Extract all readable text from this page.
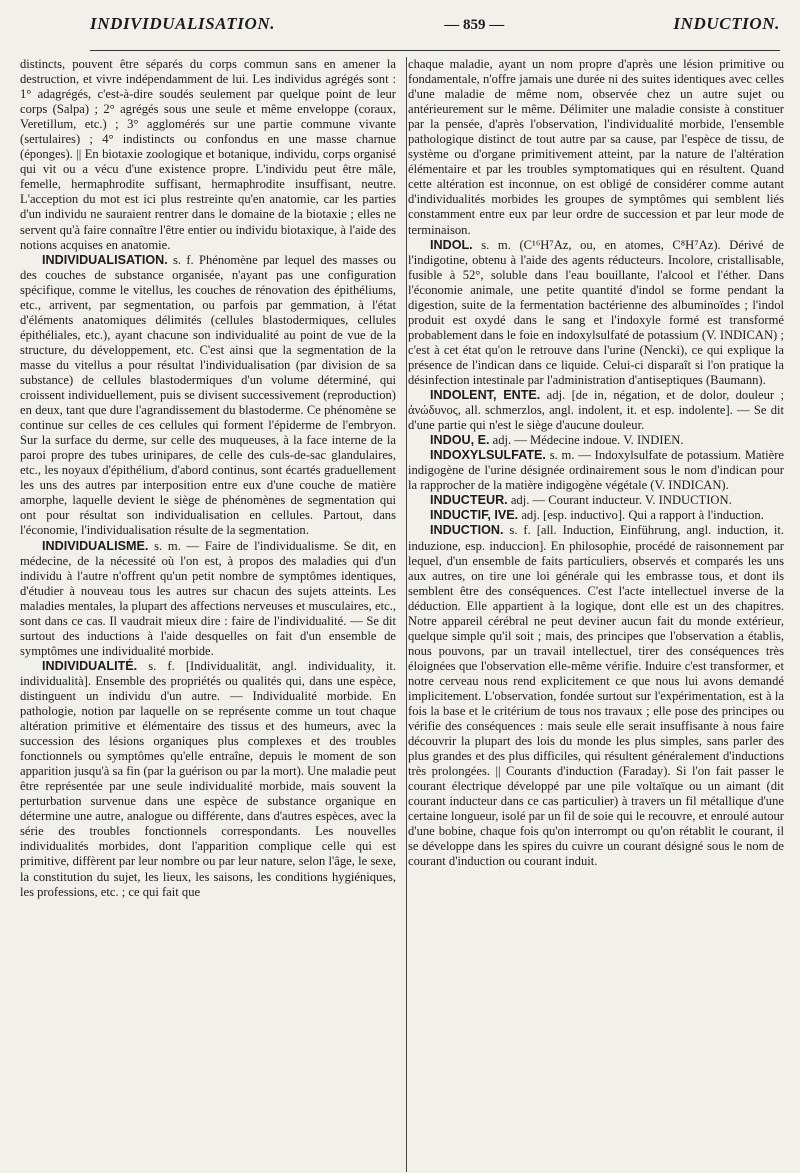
INDIVIDUALISATION.	— 859 —	INDUCTION.

distincts, pouvent être séparés du corps commun sans en amener la destruction, et vivre indépendamment de lui. Les individus agrégés sont : 1° adagrégés, c'est-à-dire soudés seulement par quelque point de leur corps (Salpa) ; 2° agrégés sous une seule et même enveloppe (coraux, Veretillum, etc.) ; 3° agglomérés sur une partie commune vivante (sertulaires) ; 4° indistincts ou confondus en une masse charnue (éponges). || En biotaxie zoologique et botanique, individu, corps organisé qui vit ou a vécu d'une existence propre. L'individu peut être mâle, femelle, hermaphrodite suffisant, hermaphrodite insuffisant, neutre. L'acception du mot est ici plus restreinte qu'en anatomie, car les parties d'un individu ne sauraient rentrer dans le domaine de la biotaxie ; elles ne servent qu'à faire connaître l'être entier ou individu biotaxique, à l'aide des notions acquises en anatomie.

INDIVIDUALISATION. s. f. Phénomène par lequel des masses ou des couches de substance organisée, n'ayant pas une configuration spécifique, comme le vitellus, les couches de rénovation des épithéliums, etc., arrivent, par segmentation, ou parfois par gemmation, à l'état d'éléments anatomiques délimités (cellules blastodermiques, cellules épithéliales, etc.), ayant chacune son individualité au point de vue de la structure, du développement, etc. C'est ainsi que la segmentation de la masse du vitellus a pour résultat l'individualisation (par division de sa substance) de cellules blastodermiques d'un volume déterminé, qui croissent individuellement, puis se divisent successivement (reproduction) en deux, tant que dure l'agrandissement du blastoderme. Ce phénomène se continue sur celles de ces cellules qui forment l'épiderme de l'embryon. Sur la surface du derme, sur celle des muqueuses, à la face interne de la paroi propre des tubes urinipares, de celle des culs-de-sac glandulaires, etc., les noyaux d'épithélium, d'abord continus, sont écartés graduellement les uns des autres par interposition entre eux d'une couche de matière amorphe, laquelle devient le siège de phénomènes de segmentation qui ont pour résultat son individualisation en cellules. Partout, dans l'économie, l'individualisation résulte de la segmentation.

INDIVIDUALISME. s. m. — Faire de l'individualisme. Se dit, en médecine, de la nécessité où l'on est, à propos des maladies qui d'un individu à l'autre n'offrent qu'un petit nombre de symptômes identiques, d'étudier à nouveau tous les autres sur chacun des sujets atteints. Les maladies mentales, la plupart des affections nerveuses et musculaires, etc., sont dans ce cas. Il vaudrait mieux dire : faire de l'individualité. — Se dit surtout des inductions à l'aide desquelles on fait d'un ensemble de symptômes une individualité morbide.

INDIVIDUALITÉ. s. f. [Individualität, angl. individuality, it. individualità]. Ensemble des propriétés ou qualités qui, dans une espèce, distinguent un individu d'un autre. — Individualité morbide. En pathologie, notion par laquelle on se représente comme un tout chaque altération primitive et élémentaire des tissus et des humeurs, avec la succession des lésions organiques plus complexes et des troubles fonctionnels ou symptômes qu'elle entraîne, depuis le moment de son apparition jusqu'à sa fin (par la guérison ou par la mort). Une maladie peut être représentée par une seule individualité morbide, mais souvent la perturbation survenue dans une espèce de substance organique en détermine une autre, analogue ou différente, dans d'autres espèces, avec la série des troubles fonctionnels correspondants. Les nouvelles individualités morbides, dont l'apparition complique celle qui est primitive, diffèrent par leur nombre ou par leur nature, selon l'âge, le sexe, la constitution du sujet, les lieux, les saisons, les conditions hygiéniques, les professions, etc. ; ce qui fait que

chaque maladie, ayant un nom propre d'après une lésion primitive ou fondamentale, n'offre jamais une durée ni des suites identiques avec celles d'une maladie de même nom, observée chez un autre sujet ou antérieurement sur le même. Délimiter une maladie consiste à constituer par la pensée, d'après l'observation, l'individualité morbide, l'ensemble pathologique distinct de tout autre par sa cause, par l'espèce de tissu, de système ou d'organe primitivement atteint, par la nature de l'altération élémentaire et par les troubles symptomatiques qui en résultent. Quand cette altération est inconnue, on est obligé de considérer comme autant d'individualités morbides les groupes de symptômes qui semblent liés constamment entre eux par leur ordre de succession et par leur mode de terminaison.

INDOL. s. m. (C¹⁶H⁷Az, ou, en atomes, C⁸H⁷Az). Dérivé de l'indigotine, obtenu à l'aide des agents réducteurs. Incolore, cristallisable, fusible à 52°, soluble dans l'eau bouillante, l'alcool et l'éther. Dans l'économie animale, une petite quantité d'indol se forme pendant la digestion, suite de la fermentation bactérienne des albuminoïdes ; l'indol produit est oxydé dans le sang et l'indoxyle formé est transformé probablement dans le foie en indoxylsulfaté de potassium (V. INDICAN) ; c'est à cet état qu'on le retrouve dans l'urine (Nencki), ce qui explique la présence de l'indican dans ce liquide. Celui-ci disparaît si l'on pratique la désinfection intestinale par l'administration d'antiseptiques (Baumann).

INDOLENT, ENTE. adj. [de in, négation, et de dolor, douleur ; ἀνώδυνος, all. schmerzlos, angl. indolent, it. et esp. indolente]. — Se dit d'une partie qui n'est le siège d'aucune douleur.

INDOU, E. adj. — Médecine indoue. V. INDIEN.

INDOXYLSULFATE. s. m. — Indoxylsulfate de potassium. Matière indigogène de l'urine désignée ordinairement sous le nom d'indican pour la rapprocher de la matière indigogène végétale (V. INDICAN).

INDUCTEUR. adj. — Courant inducteur. V. INDUCTION.

INDUCTIF, IVE. adj. [esp. inductivo]. Qui a rapport à l'induction.

INDUCTION. s. f. [all. Induction, Einführung, angl. induction, it. induzione, esp. induccion]. En philosophie, procédé de raisonnement par lequel, d'un ensemble de faits particuliers, observés et comparés les uns aux autres, on tire une loi générale qui les embrasse tous, et dont ils semblent être des conséquences. C'est l'acte intellectuel inverse de la déduction. Elle appartient à la logique, dont elle est un des chapitres. Notre appareil cérébral ne peut deviner aucun fait du monde extérieur, quelque simple qu'il soit ; mais, des principes que l'observation a établis, nous pouvons, par un travail intellectuel, tirer des conséquences très éloignées que l'observation elle-même vérifie. Induire c'est transformer, et notre cerveau nous rend explicitement ce que nous lui avons demandé implicitement. L'observation, fondée surtout sur l'expérimentation, est à la fois la base et le critérium de tous nos travaux ; elle pose des principes ou vérifie des conséquences : mais seule elle serait insuffisante à nous faire découvrir la plupart des lois du monde les plus simples, sans parler des plus grandes et des plus difficiles, qui résultent généralement d'inductions très prolongées. || Courants d'induction (Faraday). Si l'on fait passer le courant électrique développé par une pile voltaïque ou un aimant (dit courant inducteur dans ce cas particulier) à travers un fil métallique d'une certaine longueur, isolé par un fil de soie qui le recouvre, et enroulé autour d'une bobine, chaque fois qu'on interrompt ou qu'on rétablit le courant, il se développe dans les spires du cuivre un courant désigné sous le nom de courant d'induction ou courant induit.
